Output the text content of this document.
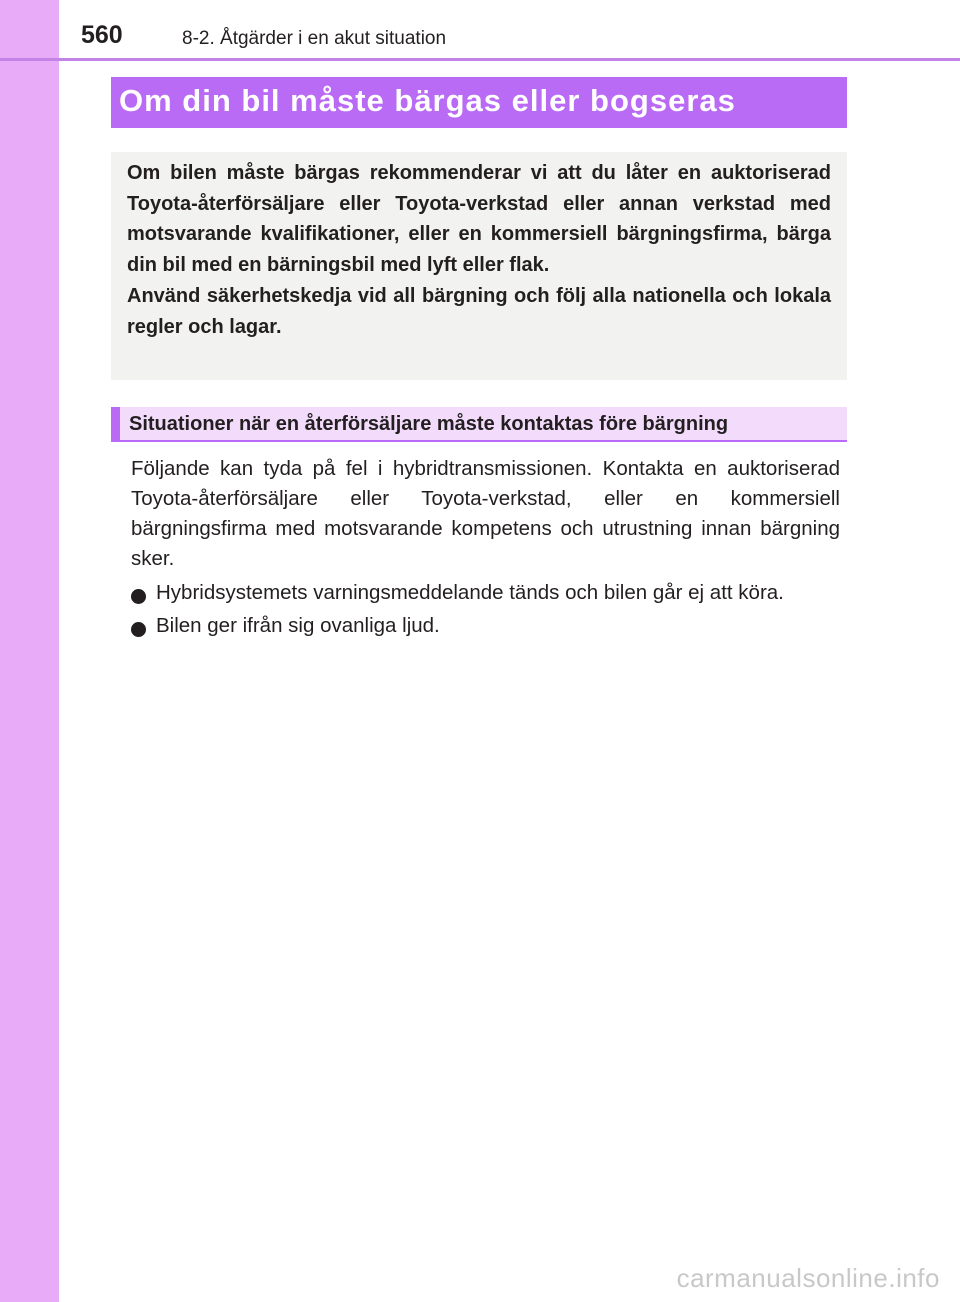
560	8-2. Åtgärder i en akut situation
Om din bil måste bärgas eller bogseras

Om bilen måste bärgas rekommenderar vi att du låter en auktoriserad Toyota-återförsäljare eller Toyota-verkstad eller annan verkstad med motsvarande kvalifikationer, eller en kommersiell bärgningsfirma, bärga din bil med en bärningsbil med lyft eller flak.

Använd säkerhetskedja vid all bärgning och följ alla nationella och lokala regler och lagar.

Situationer när en återförsäljare måste kontaktas före bärgning

Följande kan tyda på fel i hybridtransmissionen. Kontakta en auktoriserad Toyota-återförsäljare eller Toyota-verkstad, eller en kommersiell bärgningsfirma med motsvarande kompetens och utrustning innan bärgning sker.

Hybridsystemets varningsmeddelande tänds och bilen går ej att köra.

Bilen ger ifrån sig ovanliga ljud.

carmanualsonline.info
